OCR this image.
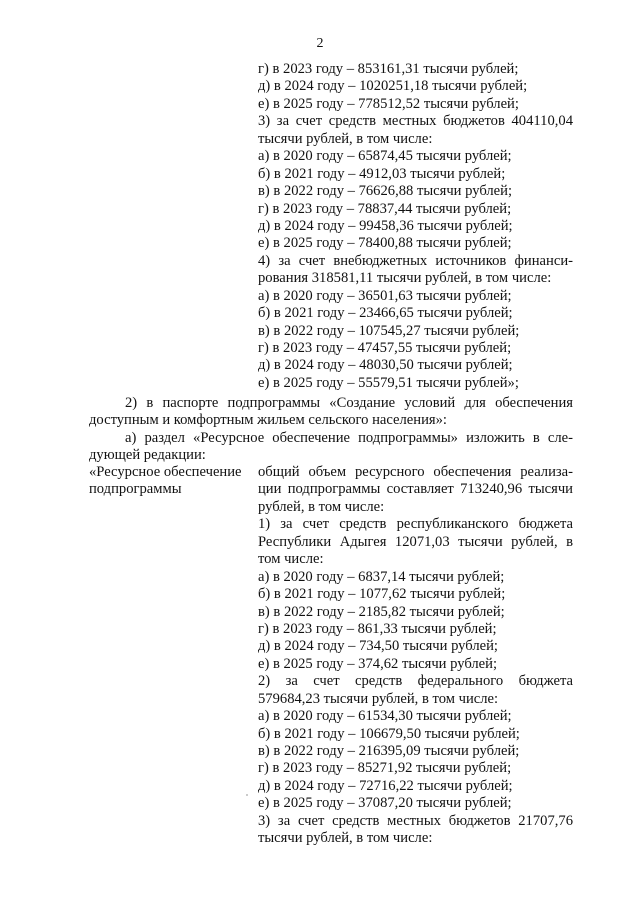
2
г) в 2023 году – 853161,31 тысячи рублей;
д) в 2024 году – 1020251,18 тысячи рублей;
е) в 2025 году – 778512,52 тысячи рублей;
3) за счет средств местных бюджетов 404110,04
тысячи рублей, в том числе:
а) в 2020 году – 65874,45 тысячи рублей;
б) в 2021 году – 4912,03 тысячи рублей;
в) в 2022 году – 76626,88 тысячи рублей;
г) в 2023 году – 78837,44 тысячи рублей;
д) в 2024 году – 99458,36 тысячи рублей;
е) в 2025 году – 78400,88 тысячи рублей;
4) за счет внебюджетных источников финанси-
рования 318581,11 тысячи рублей, в том числе:
а) в 2020 году – 36501,63 тысячи рублей;
б) в 2021 году – 23466,65 тысячи рублей;
в) в 2022 году – 107545,27 тысячи рублей;
г) в 2023 году – 47457,55 тысячи рублей;
д) в 2024 году – 48030,50 тысячи рублей;
е) в 2025 году – 55579,51 тысячи рублей»;
2) в паспорте подпрограммы «Создание условий для обеспечения
доступным и комфортным жильем сельского населения»:
а) раздел «Ресурсное обеспечение подпрограммы» изложить в сле-
дующей редакции:
«Ресурсное обеспечение
подпрограммы
общий объем ресурсного обеспечения реализа-
ции подпрограммы составляет 713240,96 тысячи
рублей, в том числе:
1) за счет средств республиканского бюджета
Республики Адыгея 12071,03 тысячи рублей, в
том числе:
а) в 2020 году – 6837,14 тысячи рублей;
б) в 2021 году – 1077,62 тысячи рублей;
в) в 2022 году – 2185,82 тысячи рублей;
г) в 2023 году – 861,33 тысячи рублей;
д) в 2024 году – 734,50 тысячи рублей;
е) в 2025 году – 374,62 тысячи рублей;
2) за счет средств федерального бюджета
579684,23 тысячи рублей, в том числе:
а) в 2020 году – 61534,30 тысячи рублей;
б) в 2021 году – 106679,50 тысячи рублей;
в) в 2022 году – 216395,09 тысячи рублей;
г) в 2023 году – 85271,92 тысячи рублей;
д) в 2024 году – 72716,22 тысячи рублей;
е) в 2025 году – 37087,20 тысячи рублей;
3) за счет средств местных бюджетов 21707,76
тысячи рублей, в том числе:
